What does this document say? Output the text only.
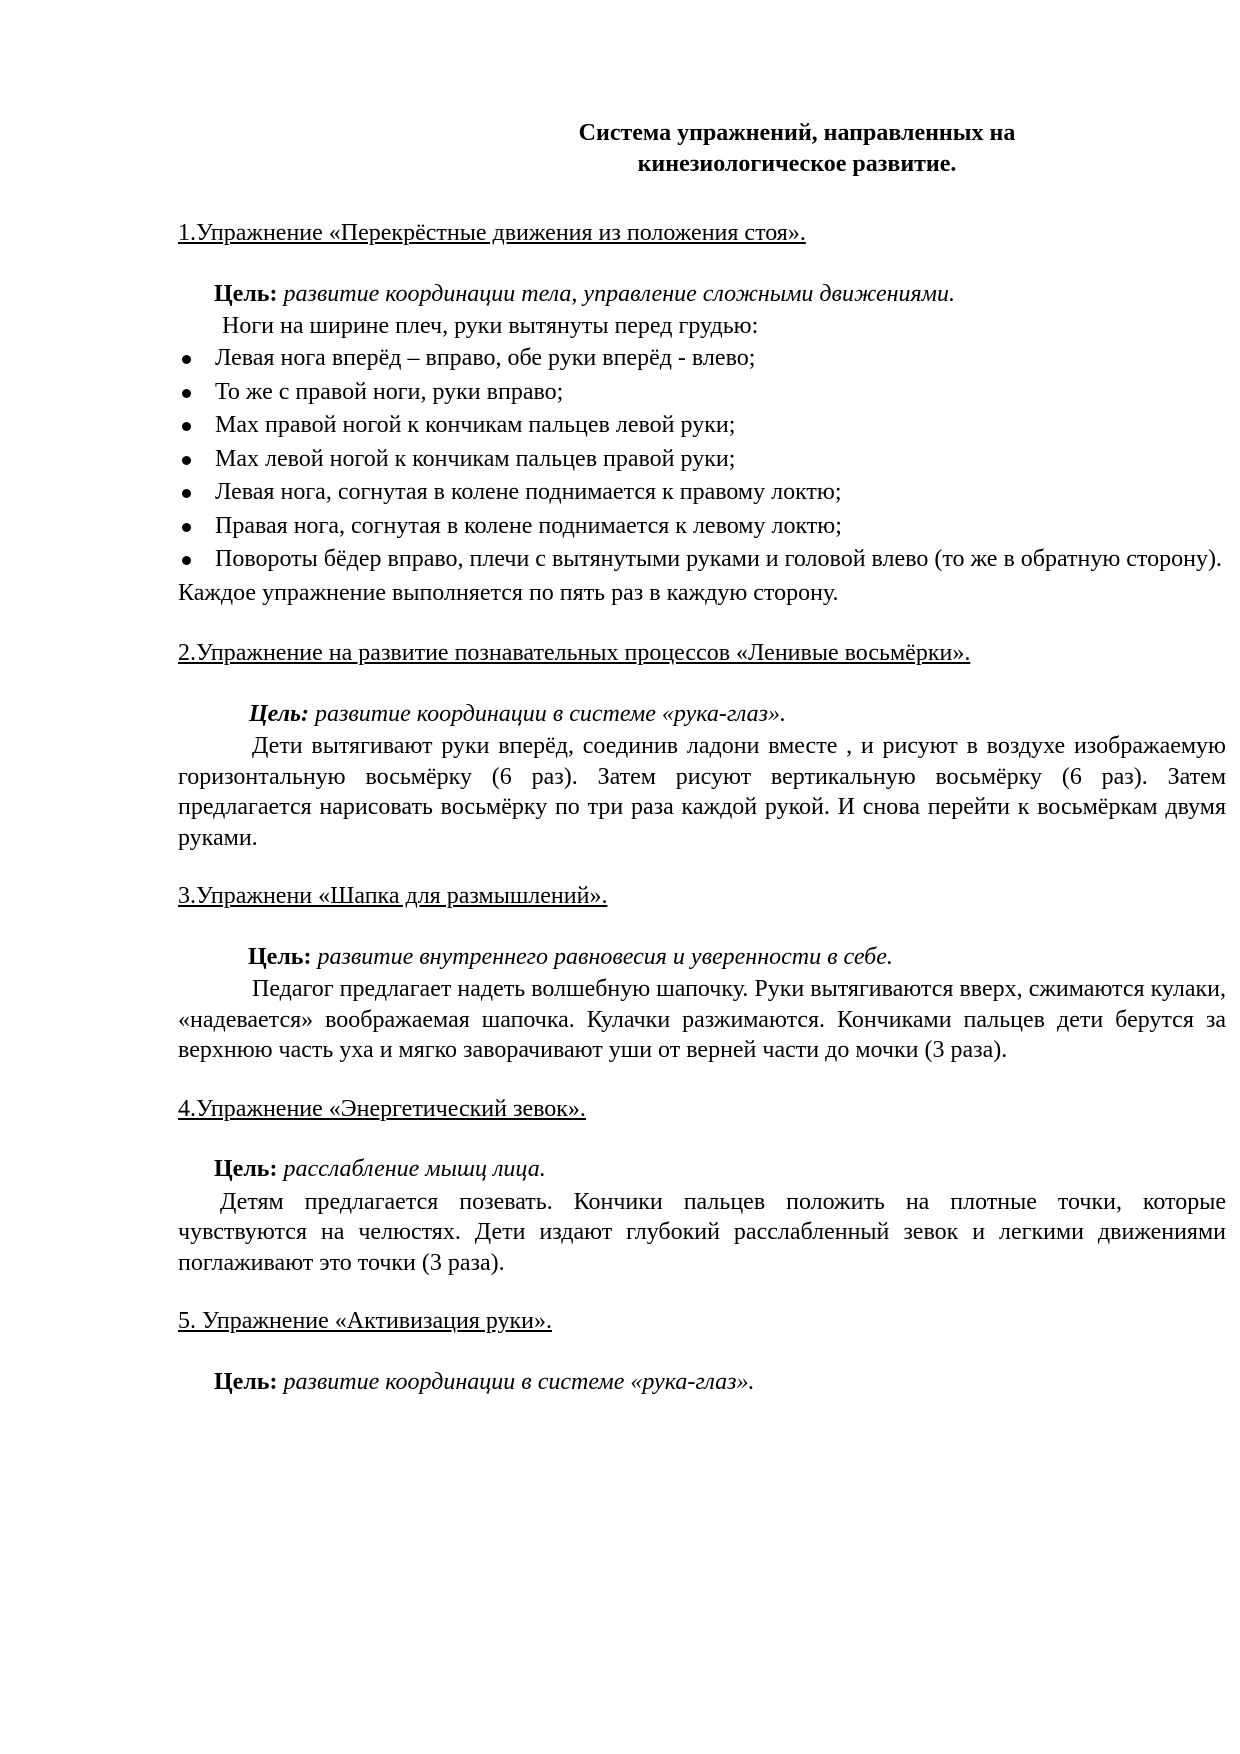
Система упражнений, направленных на
кинезиологическое развитие.

1.Упражнение «Перекрёстные движения из положения стоя».

Цель: развитие координации тела, управление сложными движениями.

Ноги на ширине плеч, руки вытянуты перед грудью:

Левая нога вперёд – вправо, обе руки вперёд - влево;
То же с правой ноги, руки вправо;
Мах правой ногой к кончикам пальцев левой руки;
Мах левой ногой к кончикам пальцев правой руки;
Левая нога, согнутая в колене поднимается к правому локтю;
Правая нога, согнутая в колене поднимается к левому локтю;
Повороты бёдер вправо, плечи с вытянутыми руками и головой влево (то же в обратную сторону).

Каждое упражнение выполняется по пять раз в каждую сторону.

2.Упражнение на развитие познавательных процессов «Ленивые восьмёрки».

Цель: развитие координации в системе «рука-глаз».

Дети вытягивают руки вперёд, соединив ладони вместе , и рисуют в воздухе изображаемую горизонтальную восьмёрку (6 раз). Затем рисуют вертикальную восьмёрку (6 раз). Затем предлагается нарисовать восьмёрку по три раза каждой рукой. И снова перейти к восьмёркам двумя руками.

3.Упражнени «Шапка для размышлений».

Цель: развитие внутреннего равновесия и уверенности в себе.

Педагог предлагает надеть волшебную шапочку. Руки вытягиваются вверх, сжимаются кулаки, «надевается» воображаемая шапочка. Кулачки разжимаются. Кончиками пальцев дети берутся за верхнюю часть уха и мягко заворачивают уши от верней части до мочки (3 раза).

4.Упражнение «Энергетический зевок».

Цель: расслабление мышц лица.

Детям предлагается позевать. Кончики пальцев положить на плотные точки, которые чувствуются на челюстях. Дети издают глубокий расслабленный зевок и легкими движениями поглаживают это точки (3 раза).

5. Упражнение «Активизация руки».

Цель: развитие координации в системе «рука-глаз».
